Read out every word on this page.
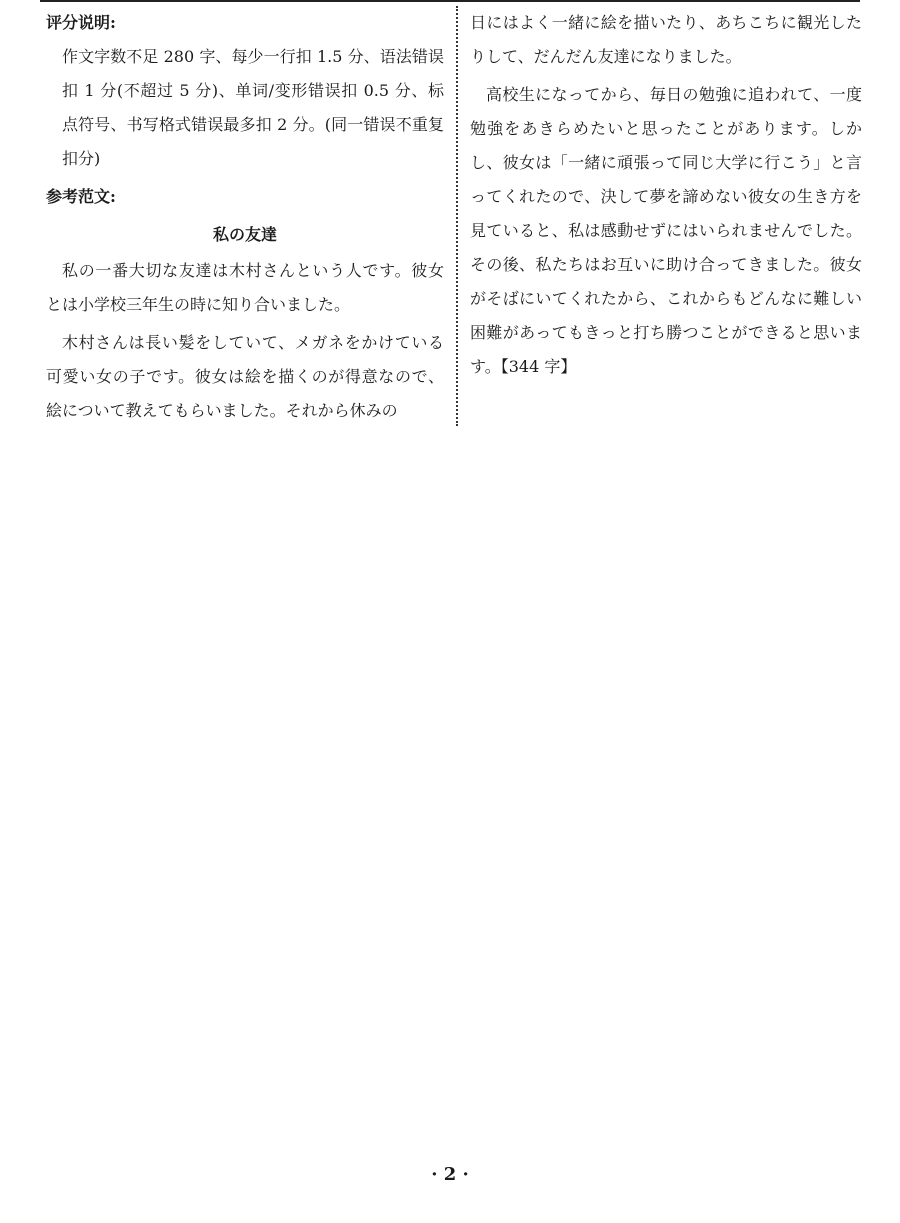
评分说明:

作文字数不足 280 字、每少一行扣 1.5 分、语法错误扣 1 分(不超过 5 分)、单词/变形错误扣 0.5 分、标点符号、书写格式错误最多扣 2 分。(同一错误不重复扣分)

参考范文:

私の友達

私の一番大切な友達は木村さんという人です。彼女とは小学校三年生の時に知り合いました。

木村さんは長い髪をしていて、メガネをかけている可愛い女の子です。彼女は絵を描くのが得意なので、絵について教えてもらいました。それから休みの

日にはよく一緒に絵を描いたり、あちこちに観光したりして、だんだん友達になりました。

高校生になってから、毎日の勉強に追われて、一度勉強をあきらめたいと思ったことがあります。しかし、彼女は「一緒に頑張って同じ大学に行こう」と言ってくれたので、決して夢を諦めない彼女の生き方を見ていると、私は感動せずにはいられませんでした。その後、私たちはお互いに助け合ってきました。彼女がそばにいてくれたから、これからもどんなに難しい困難があってもきっと打ち勝つことができると思います。【344 字】

· 2 ·
